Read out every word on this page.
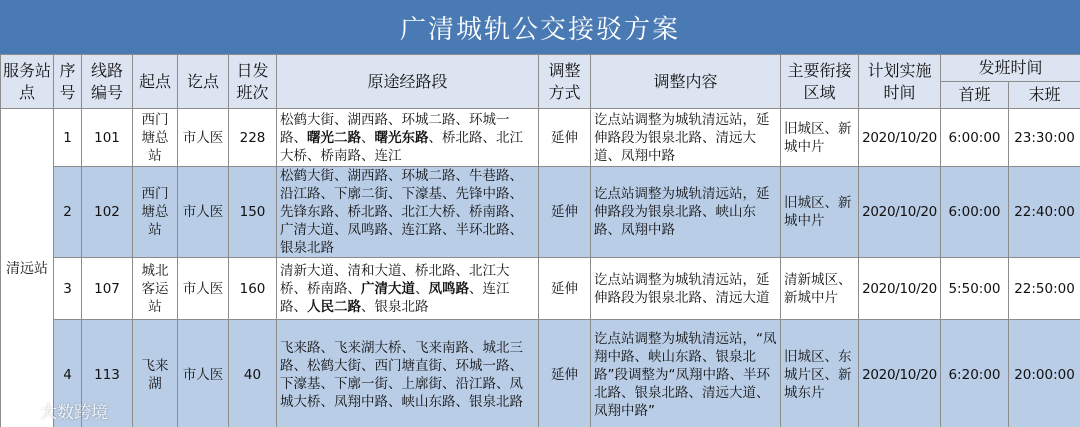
广清城轨公交接驳方案
服务站点	序号	线路编号	起点	讫点	日发班次	原途经路段	调整方式	调整内容	主要衔接区域	计划实施时间	发班时间	
											首班	末班
清远站	1	101	西门塘总站	市人医	228	松鹤大街、湖西路、环城二路、环城一路、曙光二路、曙光东路、桥北路、北江大桥、桥南路、连江	延伸	讫点站调整为城轨清远站，延伸路段为银泉北路、清远大道、凤翔中路	旧城区、新城中片	2020/10/20	6:00:00	23:30:00
	2	102	西门塘总站	市人医	150	松鹤大街、湖西路、环城二路、牛巷路、沿江路、下廓二街、下濠基、先锋中路、先锋东路、桥北路、北江大桥、桥南路、广清大道、凤鸣路、连江路、半环北路、银泉北路	延伸	讫点站调整为城轨清远站，延伸路段为银泉北路、峡山东路、凤翔中路	旧城区、新城中片	2020/10/20	6:00:00	22:40:00
	3	107	城北客运站	市人医	160	清新大道、清和大道、桥北路、北江大桥、桥南路、广清大道、凤鸣路、连江路、人民二路、银泉北路	延伸	讫点站调整为城轨清远站，延伸路段为银泉北路、清远大道	清新城区、新城中片	2020/10/20	5:50:00	22:50:00
	4	113	飞来湖	市人医	40	飞来路、飞来湖大桥、飞来南路、城北三路、松鹤大街、西门塘直街、环城一路、下濠基、下廓一街、上廓街、沿江路、凤城大桥、凤翔中路、峡山东路、银泉北路	延伸	讫点站调整为城轨清远站，“凤翔中路、峡山东路、银泉北路”段调整为“凤翔中路、半环北路、银泉北路、清远大道、凤翔中路”	旧城区、东城片区、新城东片	2020/10/20	6:20:00	20:00:00
大数跨境
